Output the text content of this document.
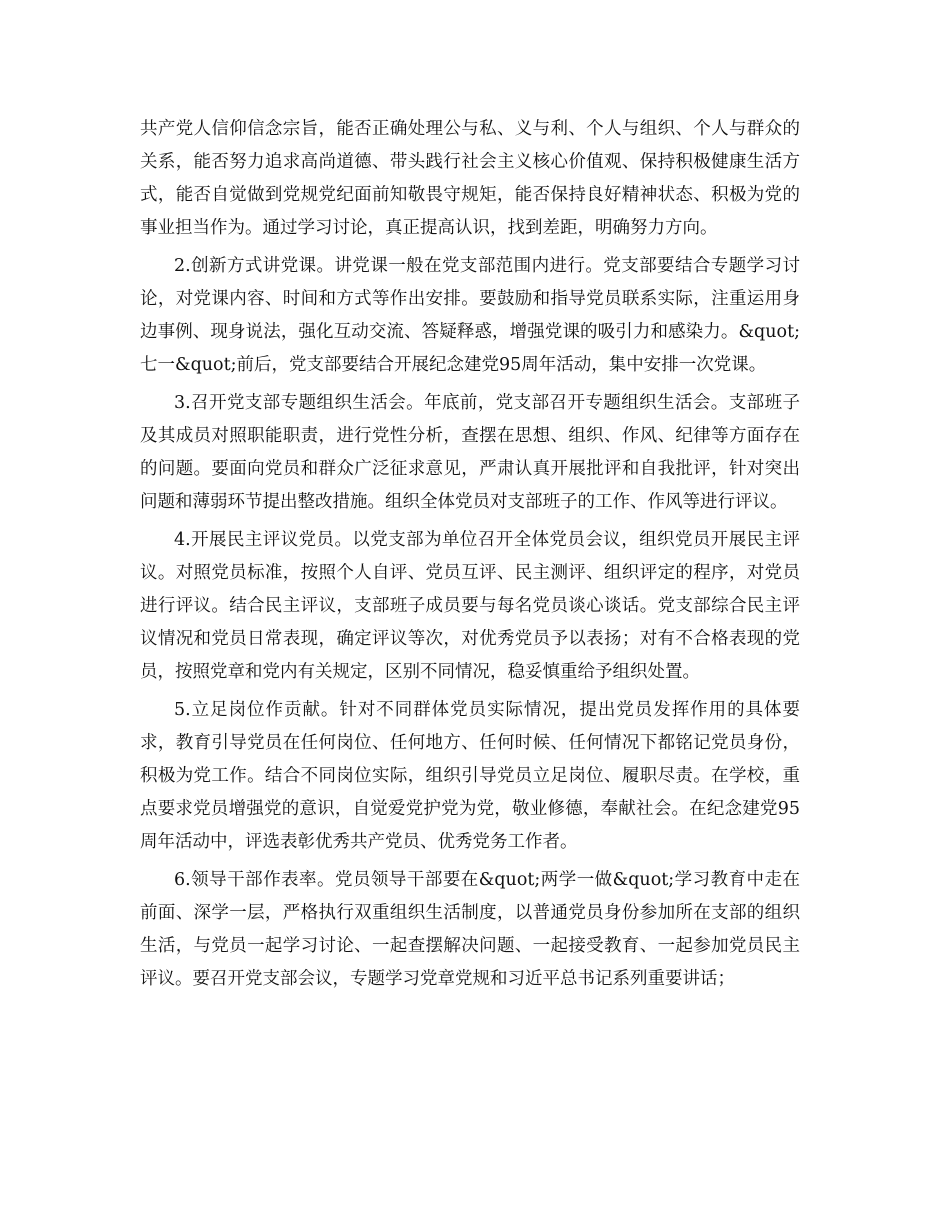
共产党人信仰信念宗旨，能否正确处理公与私、义与利、个人与组织、个人与群众的关系，能否努力追求高尚道德、带头践行社会主义核心价值观、保持积极健康生活方式，能否自觉做到党规党纪面前知敬畏守规矩，能否保持良好精神状态、积极为党的事业担当作为。通过学习讨论，真正提高认识，找到差距，明确努力方向。

2.创新方式讲党课。讲党课一般在党支部范围内进行。党支部要结合专题学习讨论，对党课内容、时间和方式等作出安排。要鼓励和指导党员联系实际，注重运用身边事例、现身说法，强化互动交流、答疑释惑，增强党课的吸引力和感染力。&quot;七一&quot;前后，党支部要结合开展纪念建党95周年活动，集中安排一次党课。

3.召开党支部专题组织生活会。年底前，党支部召开专题组织生活会。支部班子及其成员对照职能职责，进行党性分析，查摆在思想、组织、作风、纪律等方面存在的问题。要面向党员和群众广泛征求意见，严肃认真开展批评和自我批评，针对突出问题和薄弱环节提出整改措施。组织全体党员对支部班子的工作、作风等进行评议。

4.开展民主评议党员。以党支部为单位召开全体党员会议，组织党员开展民主评议。对照党员标准，按照个人自评、党员互评、民主测评、组织评定的程序，对党员进行评议。结合民主评议，支部班子成员要与每名党员谈心谈话。党支部综合民主评议情况和党员日常表现，确定评议等次，对优秀党员予以表扬；对有不合格表现的党员，按照党章和党内有关规定，区别不同情况，稳妥慎重给予组织处置。

5.立足岗位作贡献。针对不同群体党员实际情况，提出党员发挥作用的具体要求，教育引导党员在任何岗位、任何地方、任何时候、任何情况下都铭记党员身份，积极为党工作。结合不同岗位实际，组织引导党员立足岗位、履职尽责。在学校，重点要求党员增强党的意识，自觉爱党护党为党，敬业修德，奉献社会。在纪念建党95周年活动中，评选表彰优秀共产党员、优秀党务工作者。

6.领导干部作表率。党员领导干部要在&quot;两学一做&quot;学习教育中走在前面、深学一层，严格执行双重组织生活制度，以普通党员身份参加所在支部的组织生活，与党员一起学习讨论、一起查摆解决问题、一起接受教育、一起参加党员民主评议。要召开党支部会议，专题学习党章党规和习近平总书记系列重要讲话；
